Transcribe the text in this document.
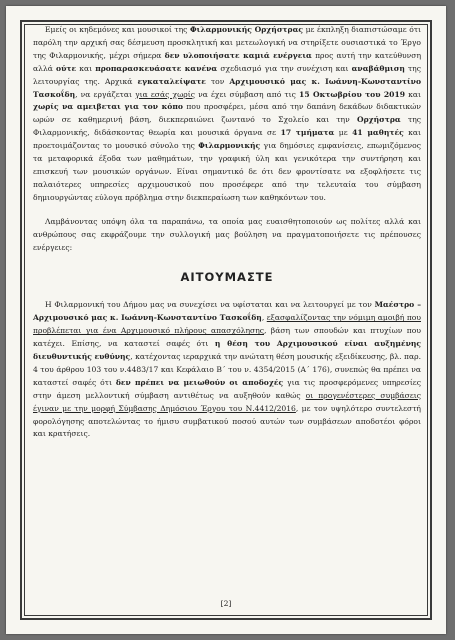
Εμείς οι κηδεμόνες και μουσικοί της Φιλαρμονικής Ορχήστρας με έκπληξη διαπιστώσαμε ότι παρόλη την αρχική σας δέσμευση προσκλητική και μετεωλογική να στηρίξετε ουσιαστικά το Έργο της Φιλαρμονικής, μέχρι σήμερα δεν υλοποιήσατε καμιά ενέργεια προς αυτή την κατεύθυνση αλλά ούτε και προπαρασκευάσατε κανένα σχεδιασμό για την συνέχιση και αναβάθμιση της λειτουργίας της. Αρχικά εγκαταλείψατε τον Αρχιμουσικό μας κ. Ιωάννη-Κωνσταντίνο Τασκοΐδη, να εργάζεται για εσάς χωρίς να έχει σύμβαση από τις 15 Οκτωβρίου του 2019 και χωρίς να αμειβεται για τον κόπο που προσφέρει, μέσα από την δαπάνη δεκάδων διδακτικών ωρών σε καθημερινή βάση, διεκπεραιώνει ζωντανό το Σχολείο και την Ορχήστρα της Φιλαρμονικής, διδάσκοντας θεωρία και μουσικά όργανα σε 17 τμήματα με 41 μαθητές και προετοιμάζοντας το μουσικό σύνολο της Φιλαρμονικής για δημόσιες εμφανίσεις, επωμιζόμενος τα μεταφορικά έξοδα των μαθημάτων, την γραφική ύλη και γενικότερα την συντήρηση και επισκευή των μουσικών οργάνων. Είναι σημαντικό δε ότι δεν φροντίσατε να εξοφλήσετε τις παλαιότερες υπηρεσίες αρχιμουσικού που προσέφερε από την τελευταία του σύμβαση δημιουργώντας εύλογα πρόβλημα στην διεκπεραίωση των καθηκόντων του.

Λαμβάνοντας υπόψη όλα τα παραπάνω, τα οποία μας ευαισθητοποιούν ως πολίτες αλλά και ανθρώπους σας εκφράζουμε την συλλογική μας βούληση να πραγματοποιήσετε τις πρέπουσες ενέργειες:

ΑΙΤΟΥΜΑΣΤΕ

Η Φιλαρμονική του Δήμου μας να συνεχίσει να υφίσταται και να λειτουργεί με τον Μαέστρο – Αρχιμουσικό μας κ. Ιωάννη-Κωνσταντίνο Τασκοΐδη, εξασφαλίζοντας την νόμιμη αμοιβή που προβλέπεται για ένα Αρχιμουσικό πλήρους απασχόλησης, βάση των σπουδών και πτυχίων που κατέχει. Επίσης, να καταστεί σαφές ότι η θέση του Αρχιμουσικού είναι αυξημένης διευθυντικής ευθύνης, κατέχοντας ιεραρχικά την ανώτατη θέση μουσικής εξειδίκευσης, βλ. παρ. 4 του άρθρου 103 του ν.4483/17 και Κεφάλαιο Β΄ του ν. 4354/2015 (Α΄ 176), συνεπώς θα πρέπει να καταστεί σαφές ότι δεν πρέπει να μειωθούν οι αποδοχές για τις προσφερόμενες υπηρεσίες στην άμεση μελλοντική σύμβαση αντιθέτως να αυξηθούν καθώς οι προγενέστερες συμβάσεις έγιναν με την μορφή Σύμβασης Δημόσιου Έργου του Ν.4412/2016, με τον υψηλότερο συντελεστή φορολόγησης αποτελώντας το ήμισυ συμβατικού ποσού αυτών των συμβάσεων αποδοτέοι φόροι και κρατήσεις.

[2]
